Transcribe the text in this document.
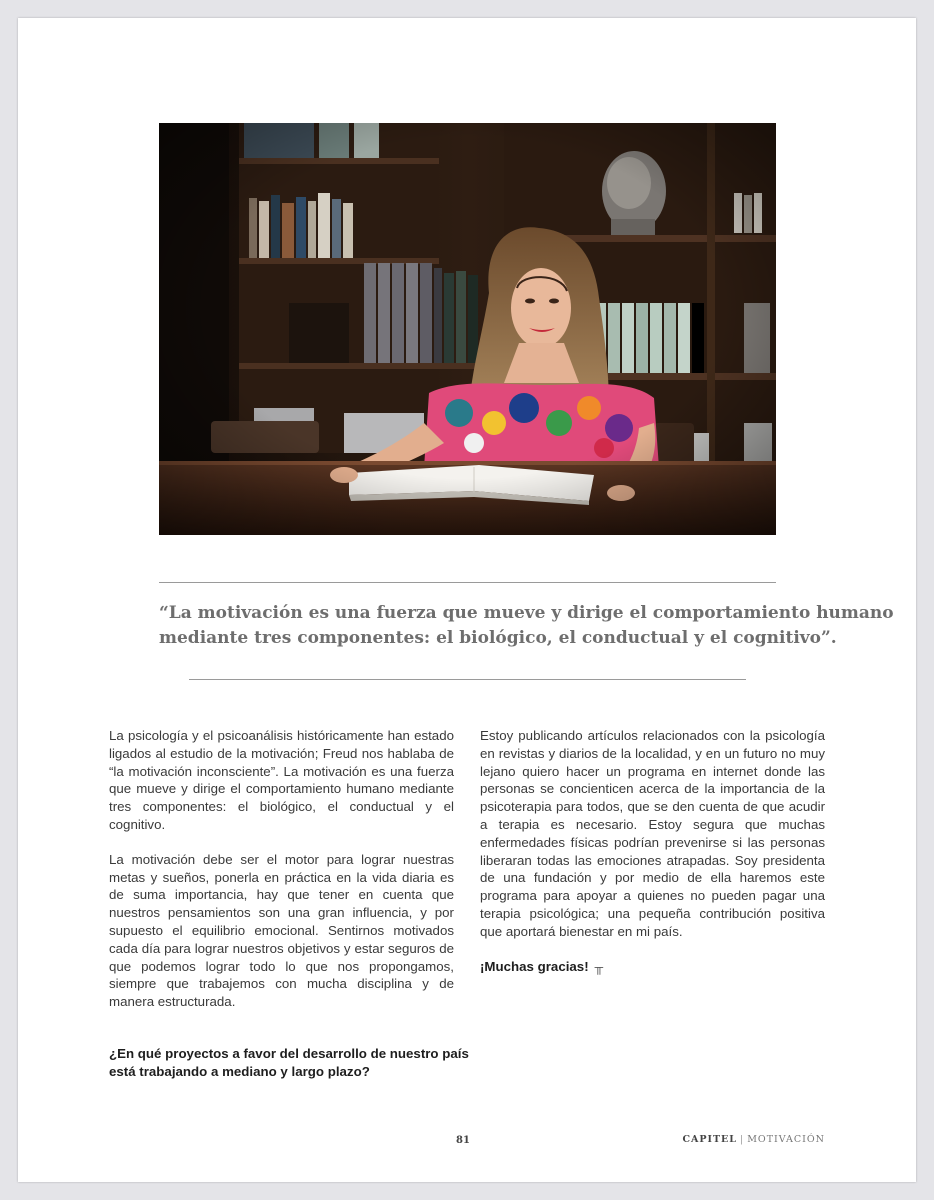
“La motivación es una fuerza que mueve y dirige el comportamiento humano
mediante tres componentes: el biológico, el conductual y el cognitivo”.

La psicología y el psicoanálisis históricamente han estado ligados al estudio de la motivación; Freud nos hablaba de “la motivación inconsciente”. La motivación es una fuerza que mueve y dirige el comportamiento humano mediante tres componentes: el biológico, el conductual y el cognitivo.

La motivación debe ser el motor para lograr nuestras metas y sueños, ponerla en práctica en la vida diaria es de suma importancia, hay que tener en cuenta que nuestros pensamientos son una gran influencia, y por supuesto el equilibrio emocional. Sentirnos motivados cada día para lograr nuestros objetivos y estar seguros de que podemos lograr todo lo que nos propongamos, siempre que trabajemos con mucha disciplina y de manera estructurada.

¿En qué proyectos a favor del desarrollo de nuestro país está trabajando a mediano y largo plazo?

Estoy publicando artículos relacionados con la psicología en revistas y diarios de la localidad, y en un futuro no muy lejano quiero hacer un programa en internet donde las personas se concienticen acerca de la importancia de la psicoterapia para todos, que se den cuenta de que acudir a terapia es necesario. Estoy segura que muchas enfermedades físicas podrían prevenirse si las personas liberaran todas las emociones atrapadas. Soy presidenta de una fundación y por medio de ella haremos este programa para apoyar a quienes no pueden pagar una terapia psicológica; una pequeña contribución positiva que aportará bienestar en mi país.

¡Muchas gracias! ╥

81	CAPITEL | MOTIVACIÓN
